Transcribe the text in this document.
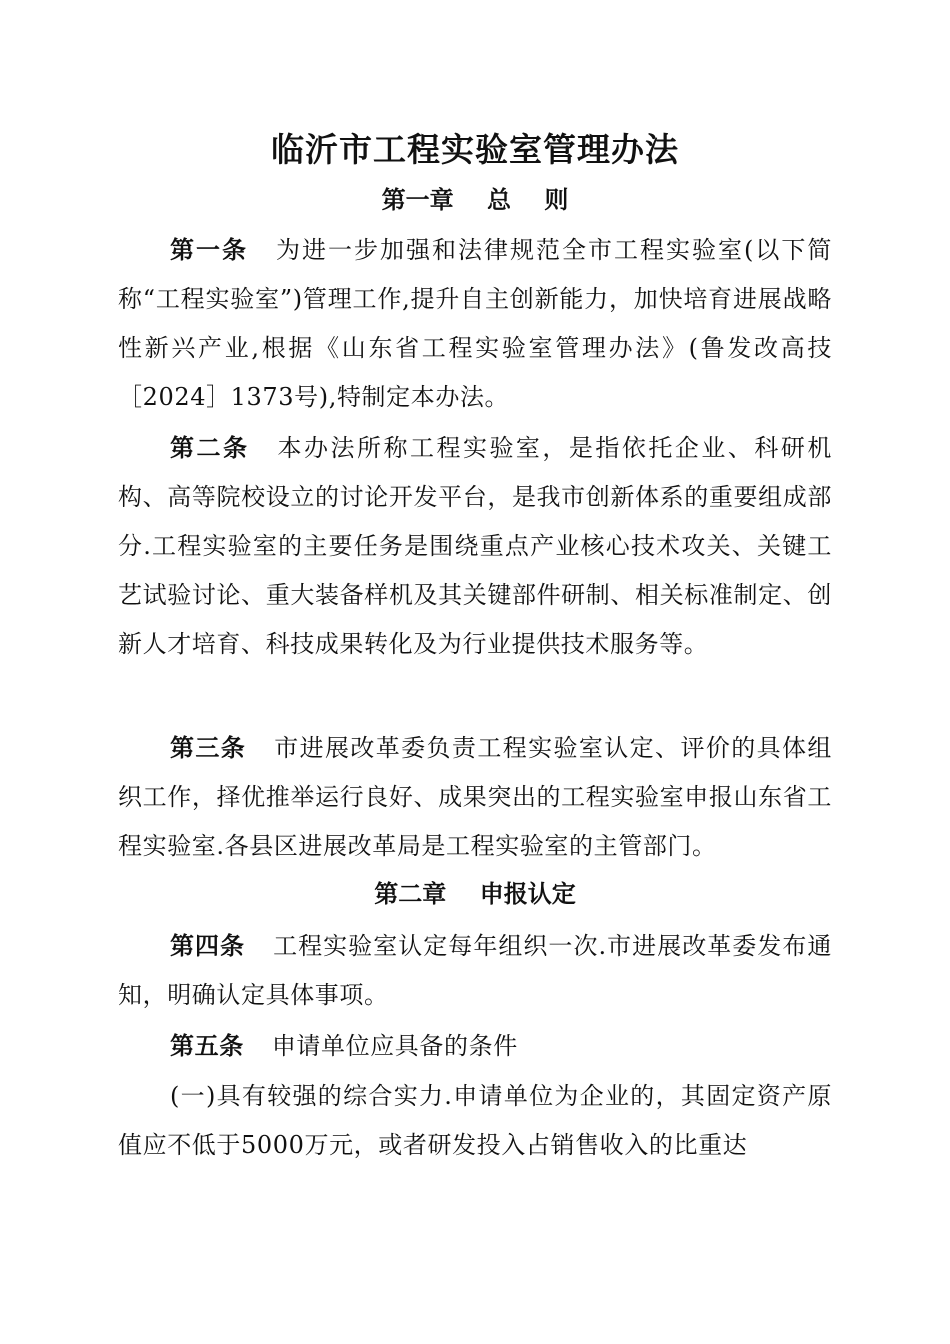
临沂市工程实验室管理办法
第一章    总    则

第一条 为进一步加强和法律规范全市工程实验室(以下简称“工程实验室”)管理工作,提升自主创新能力，加快培育进展战略性新兴产业,根据《山东省工程实验室管理办法》(鲁发改高技［2024］1373号),特制定本办法。

第二条 本办法所称工程实验室，是指依托企业、科研机构、高等院校设立的讨论开发平台，是我市创新体系的重要组成部分.工程实验室的主要任务是围绕重点产业核心技术攻关、关键工艺试验讨论、重大装备样机及其关键部件研制、相关标准制定、创新人才培育、科技成果转化及为行业提供技术服务等。

第三条 市进展改革委负责工程实验室认定、评价的具体组织工作，择优推举运行良好、成果突出的工程实验室申报山东省工程实验室.各县区进展改革局是工程实验室的主管部门。

第二章    申报认定

第四条 工程实验室认定每年组织一次.市进展改革委发布通知，明确认定具体事项。

第五条 申请单位应具备的条件

(一)具有较强的综合实力.申请单位为企业的，其固定资产原值应不低于5000万元，或者研发投入占销售收入的比重达
